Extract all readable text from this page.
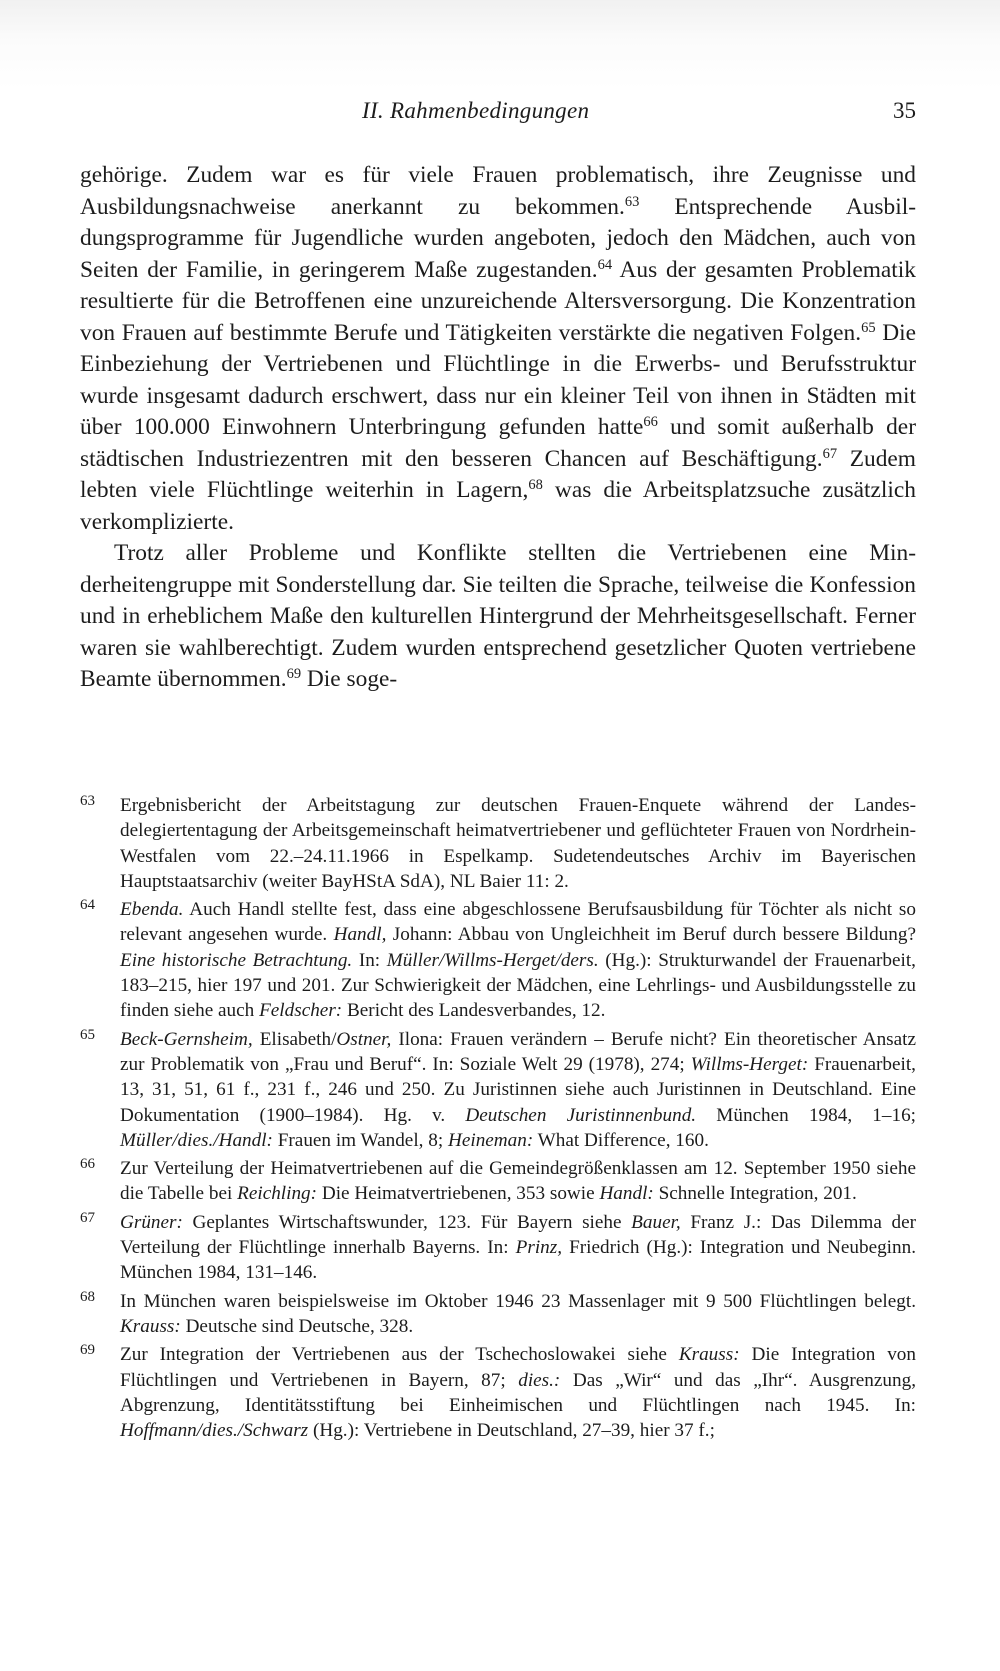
II. Rahmenbedingungen	35

gehörige. Zudem war es für viele Frauen problematisch, ihre Zeugnisse und Ausbildungsnachweise anerkannt zu bekommen.$^{63}$ Entsprechende Ausbildungsprogramme für Jugendliche wurden angeboten, jedoch den Mädchen, auch von Seiten der Familie, in geringerem Maße zugestanden.$^{64}$ Aus der gesamten Problematik resultierte für die Betroffenen eine unzureichende Altersversorgung. Die Konzentration von Frauen auf bestimmte Berufe und Tätigkeiten verstärkte die negativen Folgen.$^{65}$ Die Einbeziehung der Vertriebenen und Flüchtlinge in die Erwerbs- und Berufsstruktur wurde insgesamt dadurch erschwert, dass nur ein kleiner Teil von ihnen in Städten mit über 100.000 Einwohnern Unterbringung gefunden hatte$^{66}$ und somit außerhalb der städtischen Industriezentren mit den besseren Chancen auf Beschäftigung.$^{67}$ Zudem lebten viele Flüchtlinge weiterhin in Lagern,$^{68}$ was die Arbeitsplatzsuche zusätzlich verkomplizierte.

Trotz aller Probleme und Konflikte stellten die Vertriebenen eine Minderheitengruppe mit Sonderstellung dar. Sie teilten die Sprache, teilweise die Konfession und in erheblichem Maße den kulturellen Hintergrund der Mehrheitsgesellschaft. Ferner waren sie wahlberechtigt. Zudem wurden entsprechend gesetzlicher Quoten vertriebene Beamte übernommen.$^{69}$ Die soge-

63 Ergebnisbericht der Arbeitstagung zur deutschen Frauen-Enquete während der Landesdelegiertentagung der Arbeitsgemeinschaft heimatvertriebener und geflüchteter Frauen von Nordrhein-Westfalen vom 22.–24.11.1966 in Espelkamp. Sudetendeutsches Archiv im Bayerischen Hauptstaatsarchiv (weiter BayHStA SdA), NL Baier 11: 2.

64 Ebenda. Auch Handl stellte fest, dass eine abgeschlossene Berufsausbildung für Töchter als nicht so relevant angesehen wurde. Handl, Johann: Abbau von Ungleichheit im Beruf durch bessere Bildung? Eine historische Betrachtung. In: Müller/Willms-Herget/ders. (Hg.): Strukturwandel der Frauenarbeit, 183–215, hier 197 und 201. Zur Schwierigkeit der Mädchen, eine Lehrlings- und Ausbildungsstelle zu finden siehe auch Feldscher: Bericht des Landesverbandes, 12.

65 Beck-Gernsheim, Elisabeth/Ostner, Ilona: Frauen verändern – Berufe nicht? Ein theoretischer Ansatz zur Problematik von „Frau und Beruf“. In: Soziale Welt 29 (1978), 274; Willms-Herget: Frauenarbeit, 13, 31, 51, 61 f., 231 f., 246 und 250. Zu Juristinnen siehe auch Juristinnen in Deutschland. Eine Dokumentation (1900–1984). Hg. v. Deutschen Juristinnenbund. München 1984, 1–16; Müller/dies./Handl: Frauen im Wandel, 8; Heineman: What Difference, 160.

66 Zur Verteilung der Heimatvertriebenen auf die Gemeindegrößenklassen am 12. September 1950 siehe die Tabelle bei Reichling: Die Heimatvertriebenen, 353 sowie Handl: Schnelle Integration, 201.

67 Grüner: Geplantes Wirtschaftswunder, 123. Für Bayern siehe Bauer, Franz J.: Das Dilemma der Verteilung der Flüchtlinge innerhalb Bayerns. In: Prinz, Friedrich (Hg.): Integration und Neubeginn. München 1984, 131–146.

68 In München waren beispielsweise im Oktober 1946 23 Massenlager mit 9 500 Flüchtlingen belegt. Krauss: Deutsche sind Deutsche, 328.

69 Zur Integration der Vertriebenen aus der Tschechoslowakei siehe Krauss: Die Integration von Flüchtlingen und Vertriebenen in Bayern, 87; dies.: Das „Wir“ und das „Ihr“. Ausgrenzung, Abgrenzung, Identitätsstiftung bei Einheimischen und Flüchtlingen nach 1945. In: Hoffmann/dies./Schwarz (Hg.): Vertriebene in Deutschland, 27–39, hier 37 f.;
